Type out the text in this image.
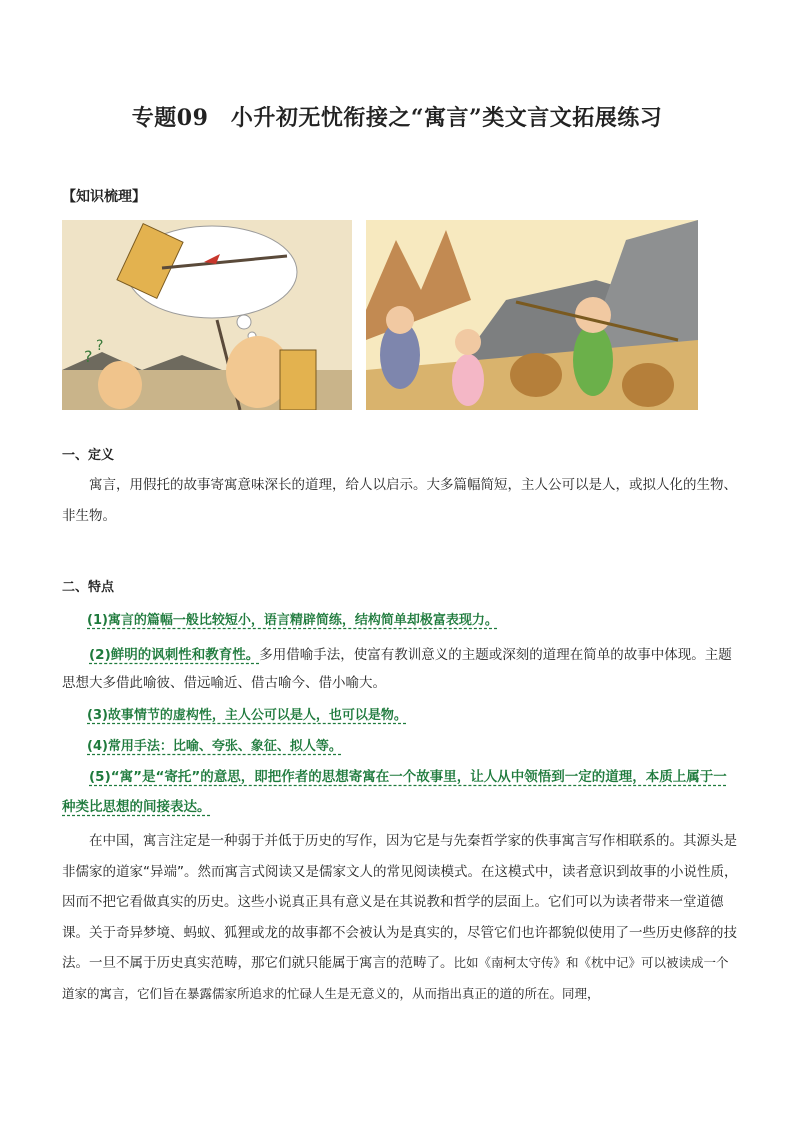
专题09　小升初无忧衔接之“寓言”类文言文拓展练习
【知识梳理】
?
?
一、定义
寓言，用假托的故事寄寓意味深长的道理，给人以启示。大多篇幅简短，主人公可以是人，或拟人化的生物、非生物。
二、特点
(1)寓言的篇幅一般比较短小，语言精辟简练，结构简单却极富表现力。
(2)鲜明的讽刺性和教育性。多用借喻手法，使富有教训意义的主题或深刻的道理在简单的故事中体现。主题思想大多借此喻彼、借远喻近、借古喻今、借小喻大。
(3)故事情节的虚构性，主人公可以是人，也可以是物。
(4)常用手法：比喻、夸张、象征、拟人等。
(5)“寓”是“寄托”的意思，即把作者的思想寄寓在一个故事里，让人从中领悟到一定的道理，本质上属于一种类比思想的间接表达。
在中国，寓言注定是一种弱于并低于历史的写作，因为它是与先秦哲学家的佚事寓言写作相联系的。其源头是非儒家的道家“异端”。然而寓言式阅读又是儒家文人的常见阅读模式。在这模式中，读者意识到故事的小说性质，因而不把它看做真实的历史。这些小说真正具有意义是在其说教和哲学的层面上。它们可以为读者带来一堂道德课。关于奇异梦境、蚂蚁、狐狸或龙的故事都不会被认为是真实的，尽管它们也许都貌似使用了一些历史修辞的技法。一旦不属于历史真实范畴，那它们就只能属于寓言的范畴了。比如《南柯太守传》和《枕中记》可以被读成一个道家的寓言，它们旨在暴露儒家所追求的忙碌人生是无意义的，从而指出真正的道的所在。同理，
